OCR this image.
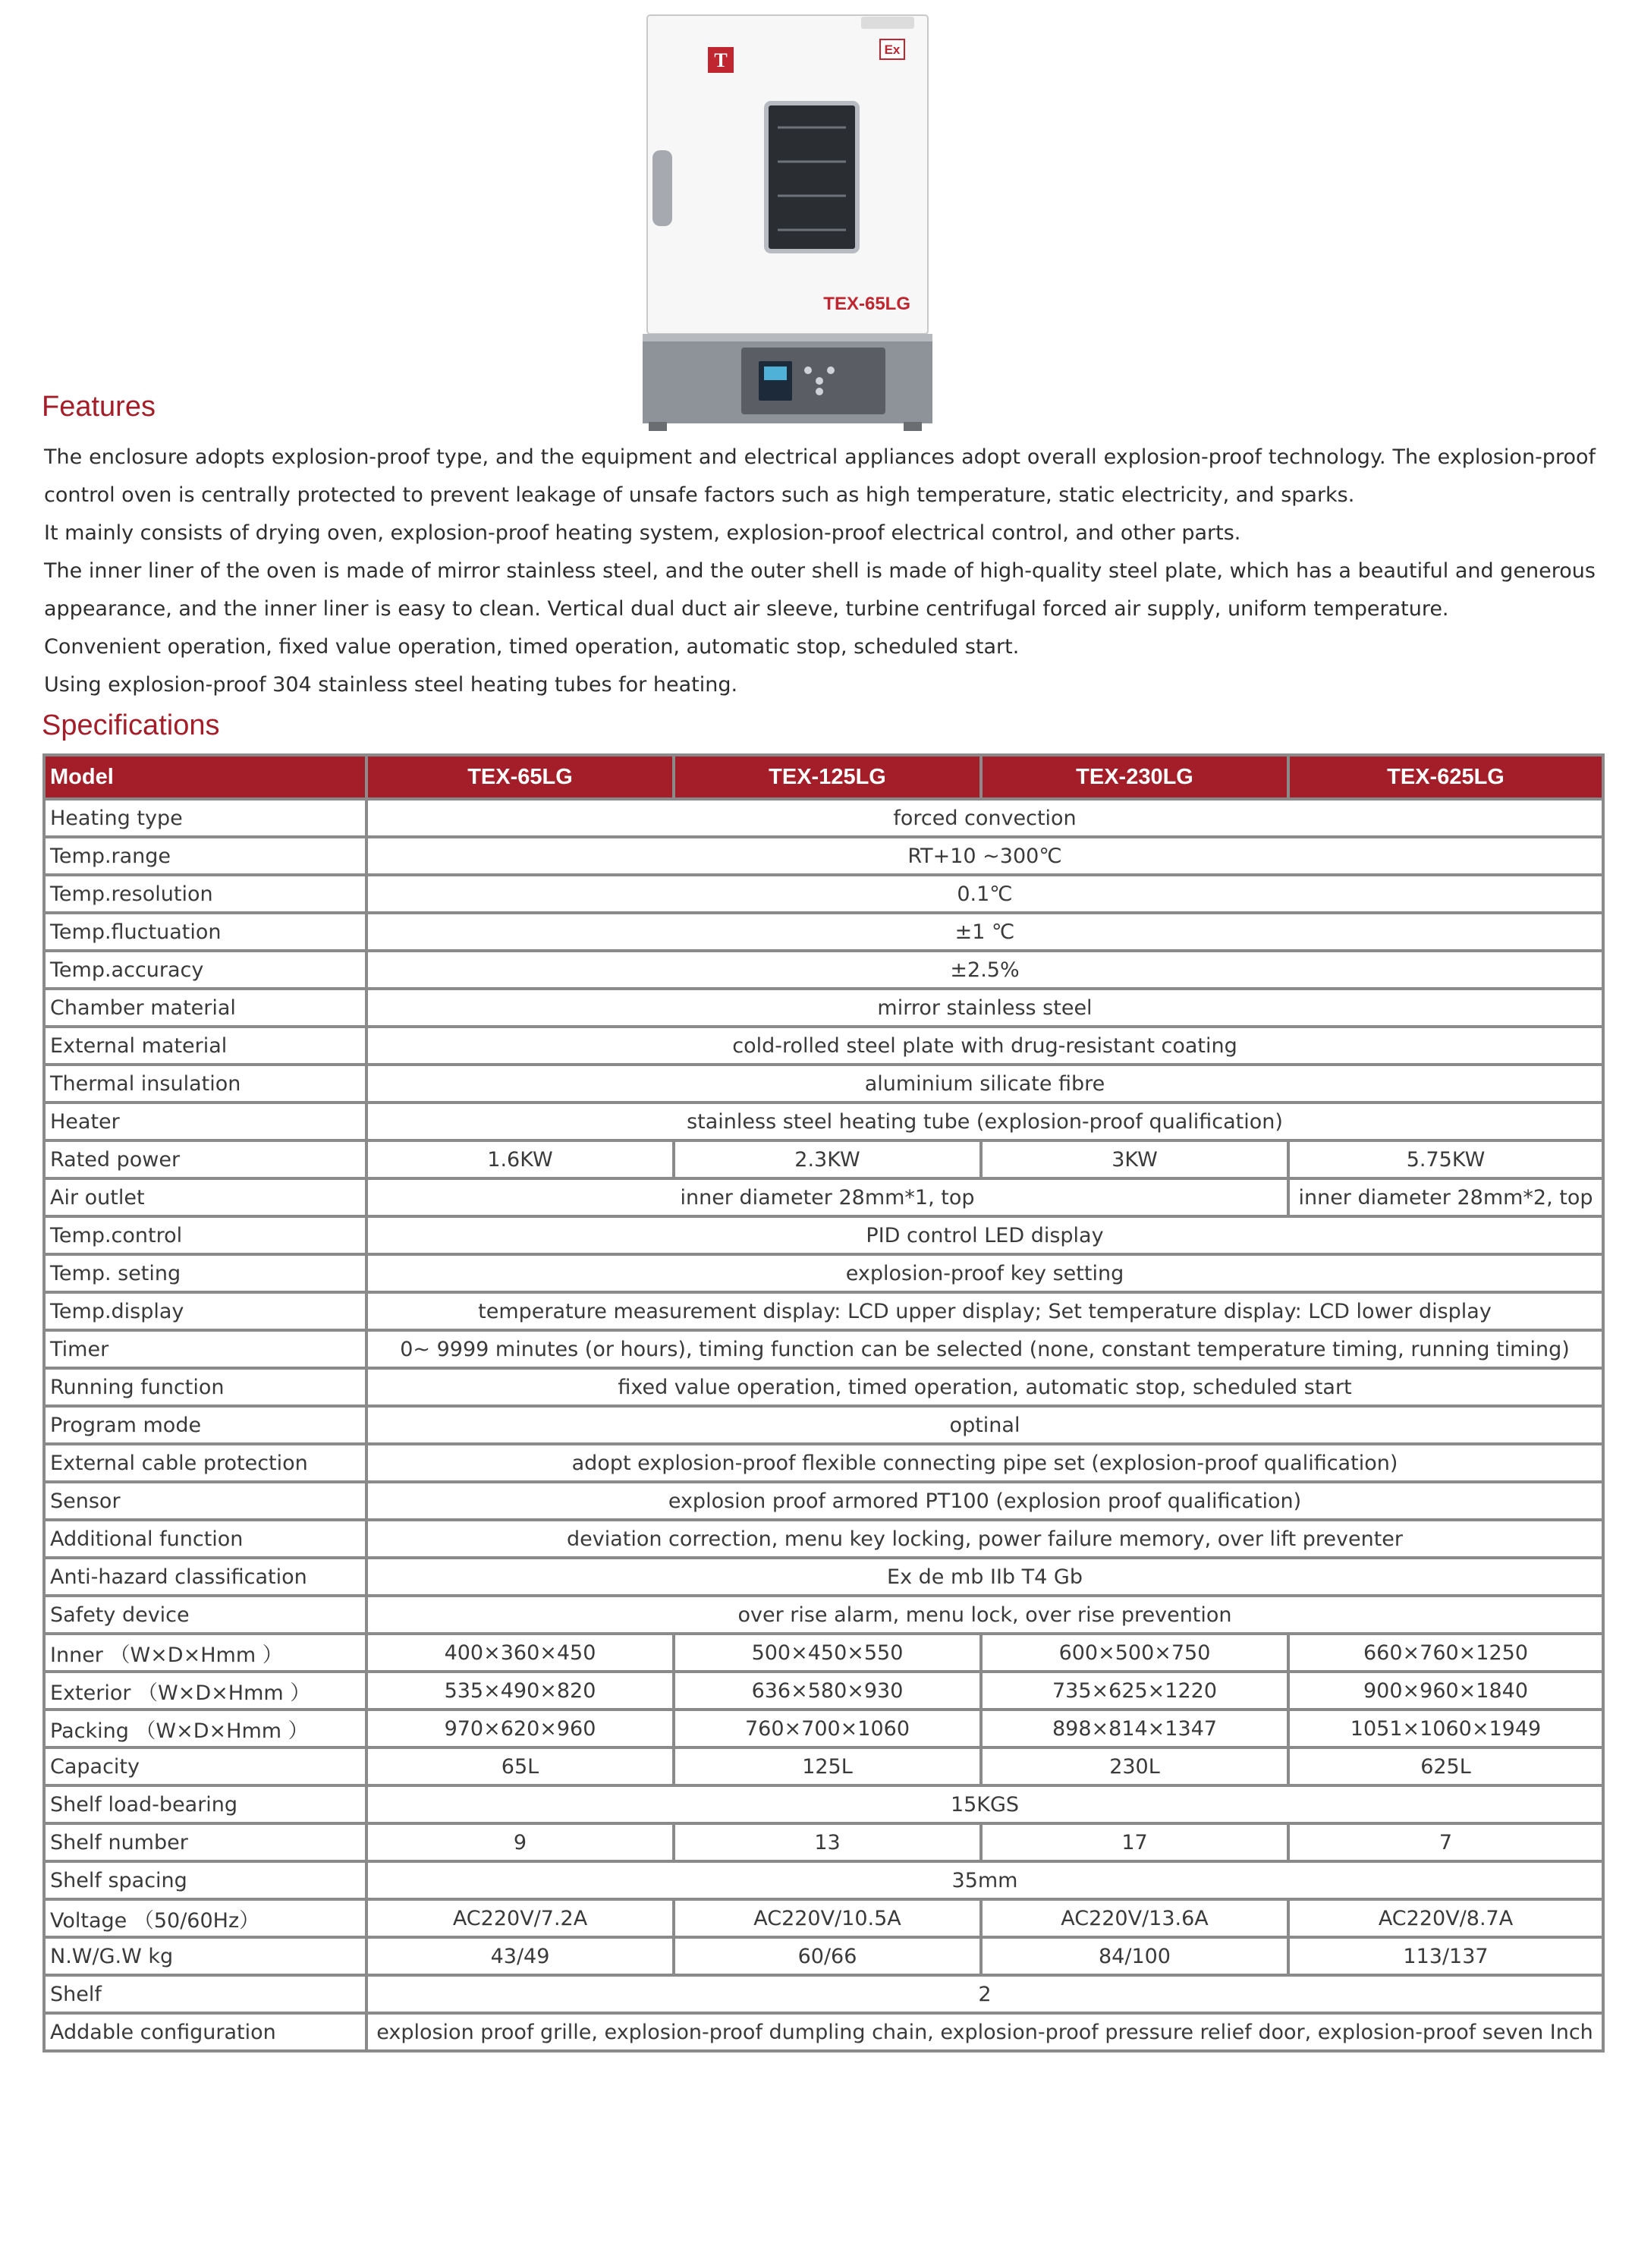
T	Ex
TEX-65LG
Features

The enclosure adopts explosion-proof type, and the equipment and electrical appliances adopt overall explosion-proof technology. The explosion-proof control oven is centrally protected to prevent leakage of unsafe factors such as high temperature, static electricity, and sparks.

It mainly consists of drying oven, explosion-proof heating system, explosion-proof electrical control, and other parts.

The inner liner of the oven is made of mirror stainless steel, and the outer shell is made of high-quality steel plate, which has a beautiful and generous appearance, and the inner liner is easy to clean. Vertical dual duct air sleeve, turbine centrifugal forced air supply, uniform temperature.

Convenient operation, fixed value operation, timed operation, automatic stop, scheduled start.

Using explosion-proof 304 stainless steel heating tubes for heating.

Specifications
Model	TEX-65LG	TEX-125LG	TEX-230LG	TEX-625LG
Heating type	forced convection			
Temp.range	RT+10 ~300℃			
Temp.resolution	0.1℃			
Temp.fluctuation	±1 ℃			
Temp.accuracy	±2.5%			
Chamber material	mirror stainless steel			
External material	cold-rolled steel plate with drug-resistant coating			
Thermal insulation	aluminium silicate fibre			
Heater	stainless steel heating tube (explosion-proof qualification)			
Rated power	1.6KW	2.3KW	3KW	5.75KW
Air outlet	inner diameter 28mm*1, top			inner diameter 28mm*2, top
Temp.control	PID control LED display			
Temp. seting	explosion-proof key setting			
Temp.display	temperature measurement display: LCD upper display; Set temperature display: LCD lower display			
Timer	0~ 9999 minutes (or hours), timing function can be selected (none, constant temperature timing, running timing)			
Running function	fixed value operation, timed operation, automatic stop, scheduled start			
Program mode	optinal			
External cable protection	adopt explosion-proof flexible connecting pipe set (explosion-proof qualification)			
Sensor	explosion proof armored PT100 (explosion proof qualification)			
Additional function	deviation correction, menu key locking, power failure memory, over lift preventer			
Anti-hazard classification	Ex de mb IIb T4 Gb			
Safety device	over rise alarm, menu lock, over rise prevention			
Inner （W×D×Hmm ）	400×360×450	500×450×550	600×500×750	660×760×1250
Exterior （W×D×Hmm ）	535×490×820	636×580×930	735×625×1220	900×960×1840
Packing （W×D×Hmm ）	970×620×960	760×700×1060	898×814×1347	1051×1060×1949
Capacity	65L	125L	230L	625L
Shelf load-bearing	15KGS			
Shelf number	9	13	17	7
Shelf spacing	35mm			
Voltage （50/60Hz）	AC220V/7.2A	AC220V/10.5A	AC220V/13.6A	AC220V/8.7A
N.W/G.W kg	43/49	60/66	84/100	113/137
Shelf	2			
Addable configuration	explosion proof grille, explosion-proof dumpling chain, explosion-proof pressure relief door, explosion-proof seven Inch			
